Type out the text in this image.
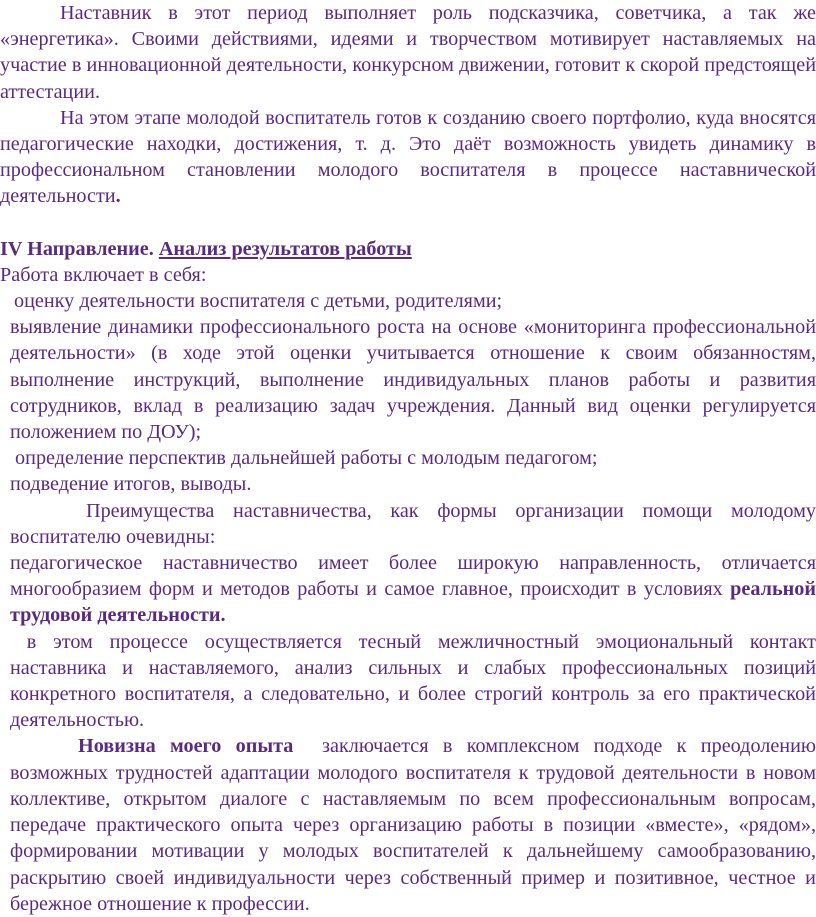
Наставник в этот период выполняет роль подсказчика, советчика, а так же «энергетика». Своими действиями, идеями и творчеством мотивирует наставляемых на участие в инновационной деятельности, конкурсном движении, готовит к скорой предстоящей аттестации.

На этом этапе молодой воспитатель готов к созданию своего портфолио, куда вносятся педагогические находки, достижения, т. д. Это даёт возможность увидеть динамику в профессиональном становлении молодого воспитателя в процессе наставнической деятельности.

IV Направление. Анализ результатов работы

Работа включает в себя:

оценку деятельности воспитателя с детьми, родителями;

выявление динамики профессионального роста на основе «мониторинга профессиональной деятельности» (в ходе этой оценки учитывается отношение к своим обязанностям, выполнение инструкций, выполнение индивидуальных планов работы и развития сотрудников, вклад в реализацию задач учреждения. Данный вид оценки регулируется положением по ДОУ);

определение перспектив дальнейшей работы с молодым педагогом;

подведение итогов, выводы.

Преимущества наставничества, как формы организации помощи молодому воспитателю очевидны:

педагогическое наставничество имеет более широкую направленность, отличается многообразием форм и методов работы и самое главное, происходит в условиях реальной трудовой деятельности.

в этом процессе осуществляется тесный межличностный эмоциональный контакт наставника и наставляемого, анализ сильных и слабых профессиональных позиций конкретного воспитателя, а следовательно, и более строгий контроль за его практической деятельностью.

Новизна моего опыта  заключается в комплексном подходе к преодолению возможных трудностей адаптации молодого воспитателя к трудовой деятельности в новом коллективе, открытом диалоге с наставляемым по всем профессиональным вопросам, передаче практического опыта через организацию работы в позиции «вместе», «рядом», формировании мотивации у молодых воспитателей к дальнейшему самообразованию, раскрытию своей индивидуальности через собственный пример и позитивное, честное и бережное отношение к профессии.
